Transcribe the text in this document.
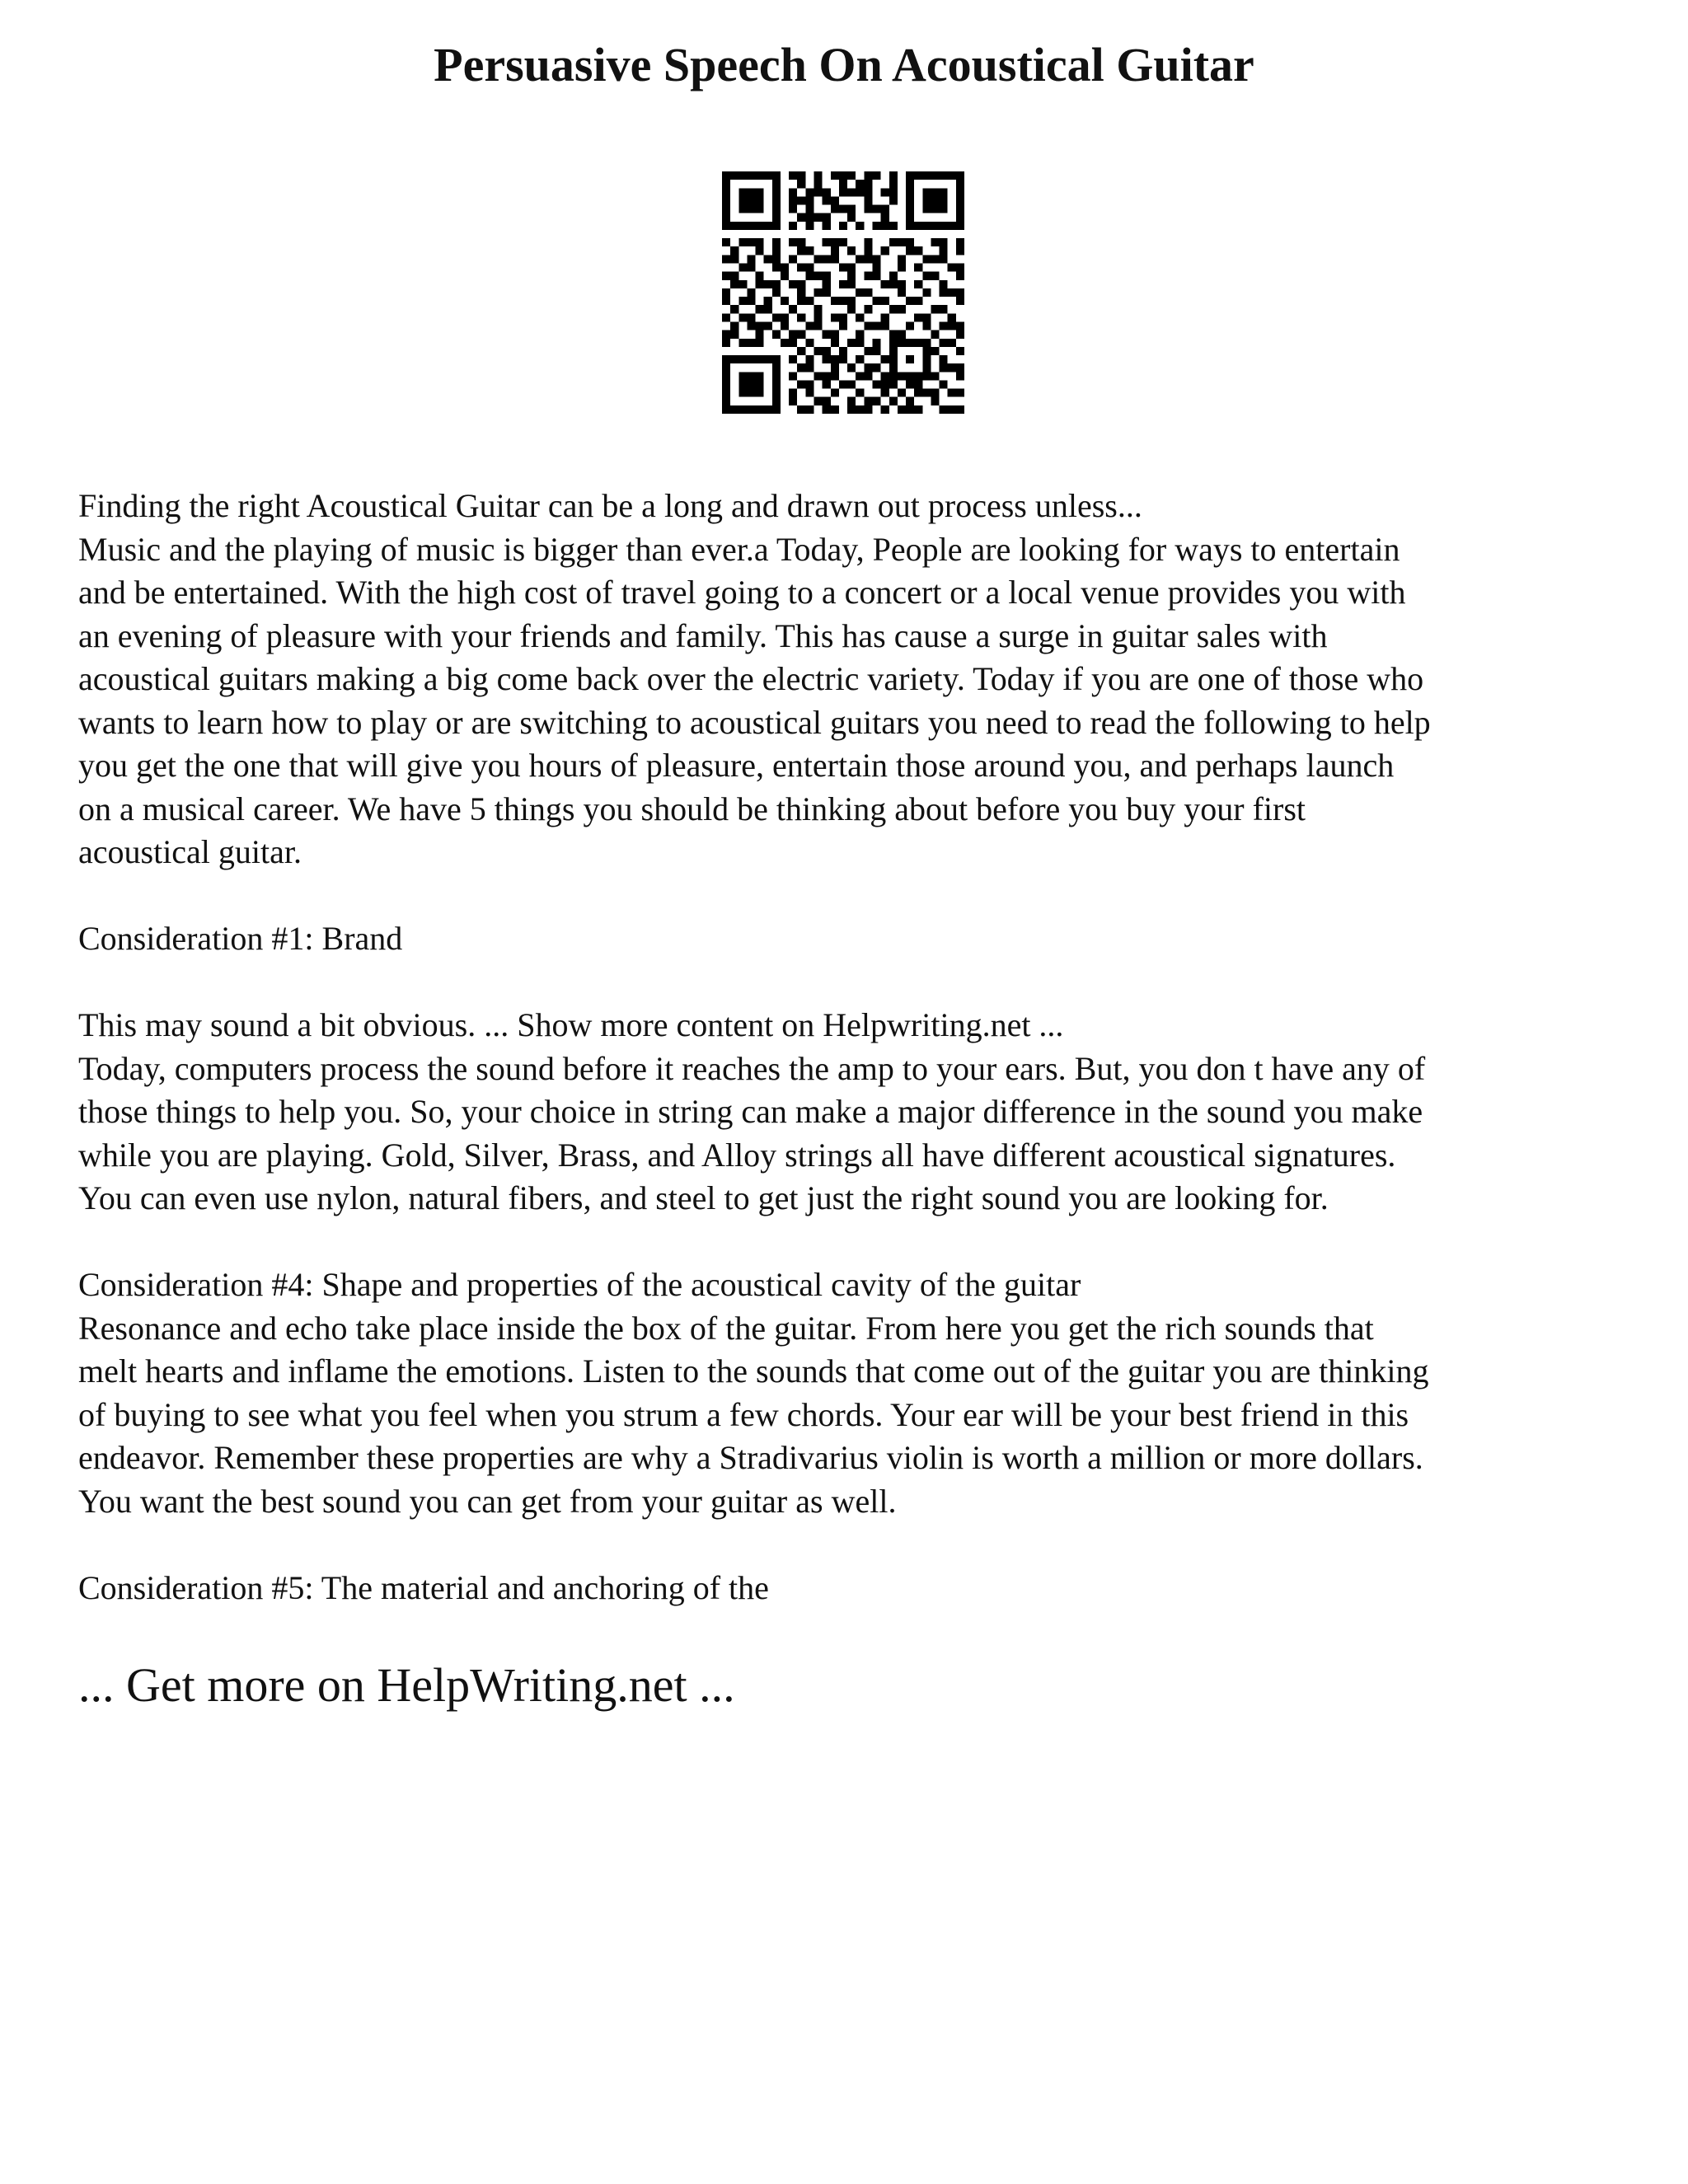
Persuasive Speech On Acoustical Guitar

Finding the right Acoustical Guitar can be a long and drawn out process unless...

Music and the playing of music is bigger than ever.a Today, People are looking for ways to entertain

and be entertained. With the high cost of travel going to a concert or a local venue provides you with

an evening of pleasure with your friends and family. This has cause a surge in guitar sales with

acoustical guitars making a big come back over the electric variety. Today if you are one of those who

wants to learn how to play or are switching to acoustical guitars you need to read the following to help

you get the one that will give you hours of pleasure, entertain those around you, and perhaps launch

on a musical career. We have 5 things you should be thinking about before you buy your first

acoustical guitar.

Consideration #1: Brand

This may sound a bit obvious. ... Show more content on Helpwriting.net ...

Today, computers process the sound before it reaches the amp to your ears. But, you don t have any of

those things to help you. So, your choice in string can make a major difference in the sound you make

while you are playing. Gold, Silver, Brass, and Alloy strings all have different acoustical signatures.

You can even use nylon, natural fibers, and steel to get just the right sound you are looking for.

Consideration #4: Shape and properties of the acoustical cavity of the guitar

Resonance and echo take place inside the box of the guitar. From here you get the rich sounds that

melt hearts and inflame the emotions. Listen to the sounds that come out of the guitar you are thinking

of buying to see what you feel when you strum a few chords. Your ear will be your best friend in this

endeavor. Remember these properties are why a Stradivarius violin is worth a million or more dollars.

You want the best sound you can get from your guitar as well.

Consideration #5: The material and anchoring of the

... Get more on HelpWriting.net ...
